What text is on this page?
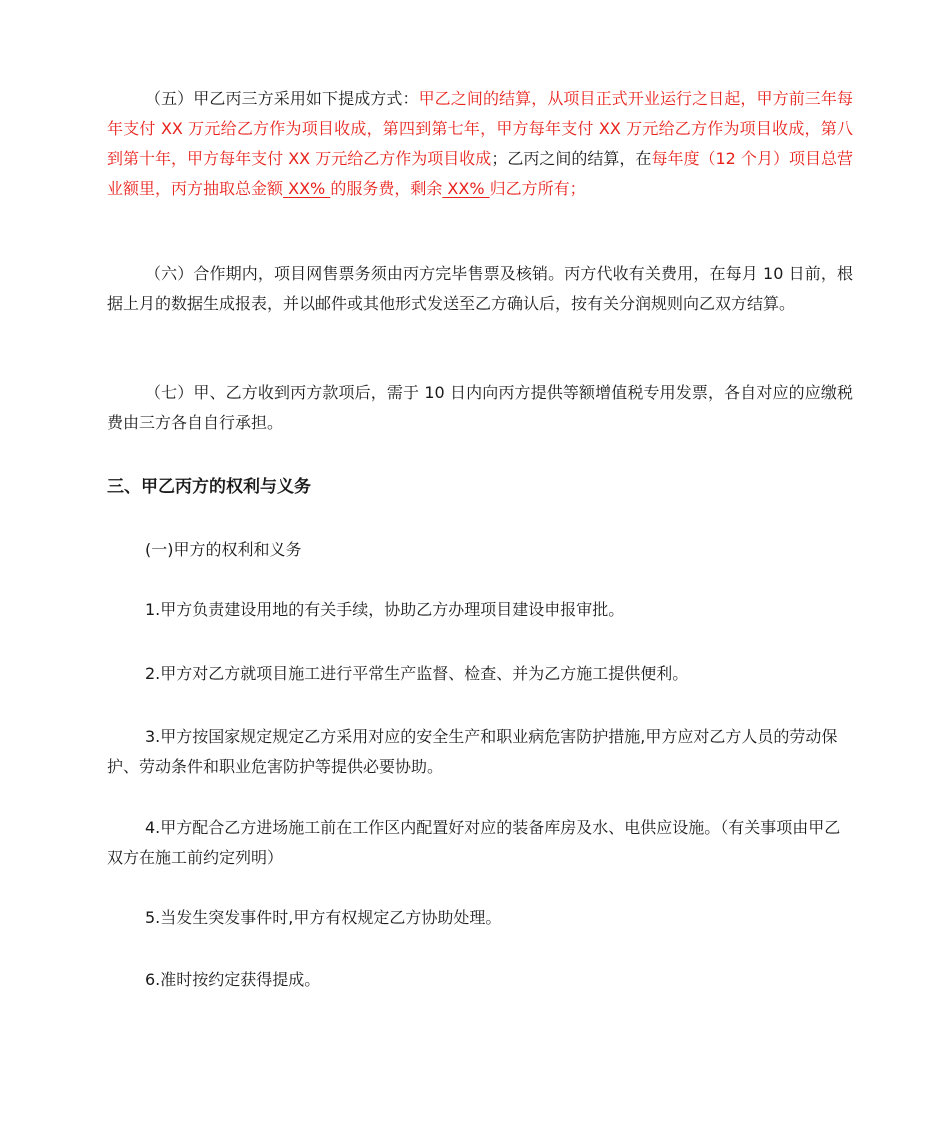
（五）甲乙丙三方采用如下提成方式：甲乙之间的结算，从项目正式开业运行之日起，甲方前三年每年支付 XX 万元给乙方作为项目收成，第四到第七年，甲方每年支付 XX 万元给乙方作为项目收成，第八到第十年，甲方每年支付 XX 万元给乙方作为项目收成；乙丙之间的结算，在每年度（12 个月）项目总营业额里，丙方抽取总金额 XX% 的服务费，剩余 XX% 归乙方所有；

（六）合作期内，项目网售票务须由丙方完毕售票及核销。丙方代收有关费用，在每月 10 日前，根据上月的数据生成报表，并以邮件或其他形式发送至乙方确认后，按有关分润规则向乙双方结算。

（七）甲、乙方收到丙方款项后，需于 10 日内向丙方提供等额增值税专用发票，各自对应的应缴税费由三方各自自行承担。

三、甲乙丙方的权利与义务

(一)甲方的权利和义务

1.甲方负责建设用地的有关手续，协助乙方办理项目建设申报审批。

2.甲方对乙方就项目施工进行平常生产监督、检查、并为乙方施工提供便利。

3.甲方按国家规定规定乙方采用对应的安全生产和职业病危害防护措施,甲方应对乙方人员的劳动保护、劳动条件和职业危害防护等提供必要协助。

4.甲方配合乙方进场施工前在工作区内配置好对应的装备库房及水、电供应设施。（有关事项由甲乙双方在施工前约定列明）

5.当发生突发事件时,甲方有权规定乙方协助处理。

6.准时按约定获得提成。
